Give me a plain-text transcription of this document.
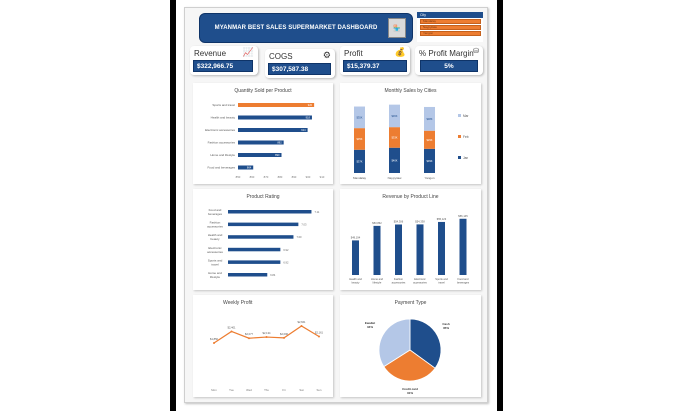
MYANMAR BEST SALES SUPERMARKET DASHBOARD	🏪
City
Mandalay
Naypyitaw
Yangon
Revenue 📈
$322,966.75
COGS	⚙
$307,587.38
Profit	💰
$15,379.37
% Profit Margin ⛁
5%
Quantity Sold per Product
Sports and travel	920
Health and beauty	918
Electronic accessories	914
Fashion accessories	892
Home and lifestyle	890
Food and beverages	864
850	860	870	880	890	900	910
Monthly Sales by Cities
$37K
$35K
$35K
Mandalay
$40K
$33K
$36K
Naypyitaw
$39K
$29K
$38K
Yangon
Mar
Feb
Jan
Product Rating
Food and
beverages	7.11
Fashion
accessories	7.03
Health and
beauty	7.00
Electronic
accessories	6.92
Sports and
travel	6.92
Home and
lifestyle	6.84
Revenue by Product Line
$49,194
Health and
beauty
$53,862
Home and
lifestyle
$54,306
Fashion
accessories
$54,338
Electronic
accessories
$55,123
Sports and
travel
$56,145
Food and
beverages
Weekly Profit
$1,850
Mon
$2,401
Tue
$2,077
Wed
$2,134
Thu
$2,096
Fri
$2,661
Sat
$2,161
Sun
Payment Type
Cash
35%
Credit card
31%
Ewallet
34%
